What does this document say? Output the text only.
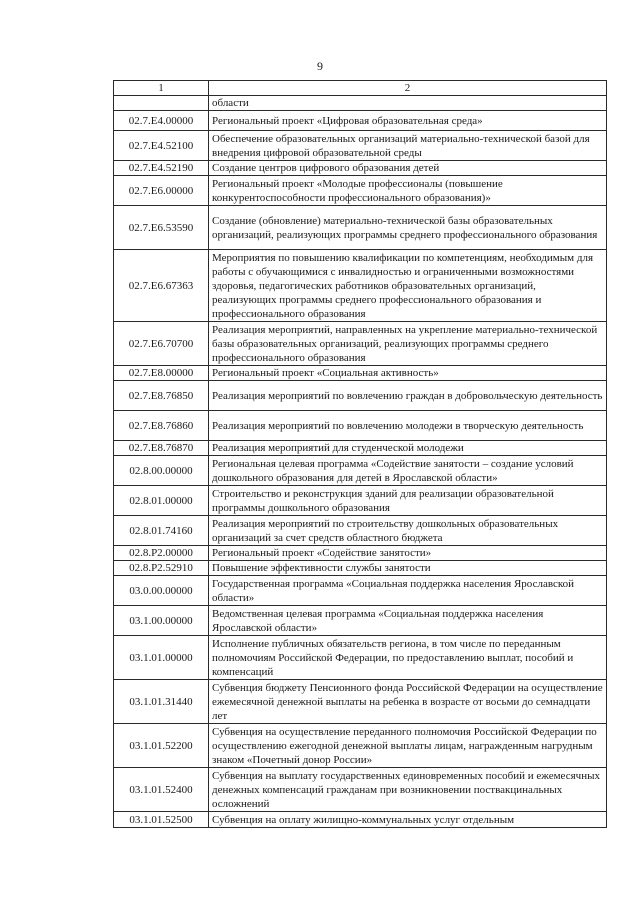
9
1	2
	области
02.7.E4.00000	Региональный проект «Цифровая образовательная среда»
02.7.E4.52100	Обеспечение образовательных организаций материально-технической базой для внедрения цифровой образовательной среды
02.7.E4.52190	Создание центров цифрового образования детей
02.7.E6.00000	Региональный проект «Молодые профессионалы (повышение конкурентоспособности профессионального образования)»
02.7.E6.53590	Создание (обновление) материально-технической базы образовательных организаций, реализующих программы среднего профессионального образования
02.7.E6.67363	Мероприятия по повышению квалификации по компетенциям, необходимым для работы с обучающимися с инвалидностью и ограниченными возможностями здоровья, педагогических работников образовательных организаций, реализующих программы среднего профессионального образования и профессионального образования
02.7.E6.70700	Реализация мероприятий, направленных на укрепление материально-технической базы образовательных организаций, реализующих программы среднего профессионального образования
02.7.E8.00000	Региональный проект «Социальная активность»
02.7.E8.76850	Реализация мероприятий по вовлечению граждан в добровольческую деятельность
02.7.E8.76860	Реализация мероприятий по вовлечению молодежи в творческую деятельность
02.7.E8.76870	Реализация мероприятий для студенческой молодежи
02.8.00.00000	Региональная целевая программа «Содействие занятости – создание условий дошкольного образования для детей в Ярославской области»
02.8.01.00000	Строительство и реконструкция зданий для реализации образовательной программы дошкольного образования
02.8.01.74160	Реализация мероприятий по строительству дошкольных образовательных организаций за счет средств областного бюджета
02.8.P2.00000	Региональный проект «Содействие занятости»
02.8.P2.52910	Повышение эффективности службы занятости
03.0.00.00000	Государственная программа «Социальная поддержка населения Ярославской области»
03.1.00.00000	Ведомственная целевая программа «Социальная поддержка населения Ярославской области»
03.1.01.00000	Исполнение публичных обязательств региона, в том числе по переданным полномочиям Российской Федерации, по предоставлению выплат, пособий и компенсаций
03.1.01.31440	Субвенция бюджету Пенсионного фонда Российской Федерации на осуществление ежемесячной денежной выплаты на ребенка в возрасте от восьми до семнадцати лет
03.1.01.52200	Субвенция на осуществление переданного полномочия Российской Федерации по осуществлению ежегодной денежной выплаты лицам, награжденным нагрудным знаком «Почетный донор России»
03.1.01.52400	Субвенция на выплату государственных единовременных пособий и ежемесячных денежных компенсаций гражданам при возникновении поствакцинальных осложнений
03.1.01.52500	Субвенция на оплату жилищно-коммунальных услуг отдельным
